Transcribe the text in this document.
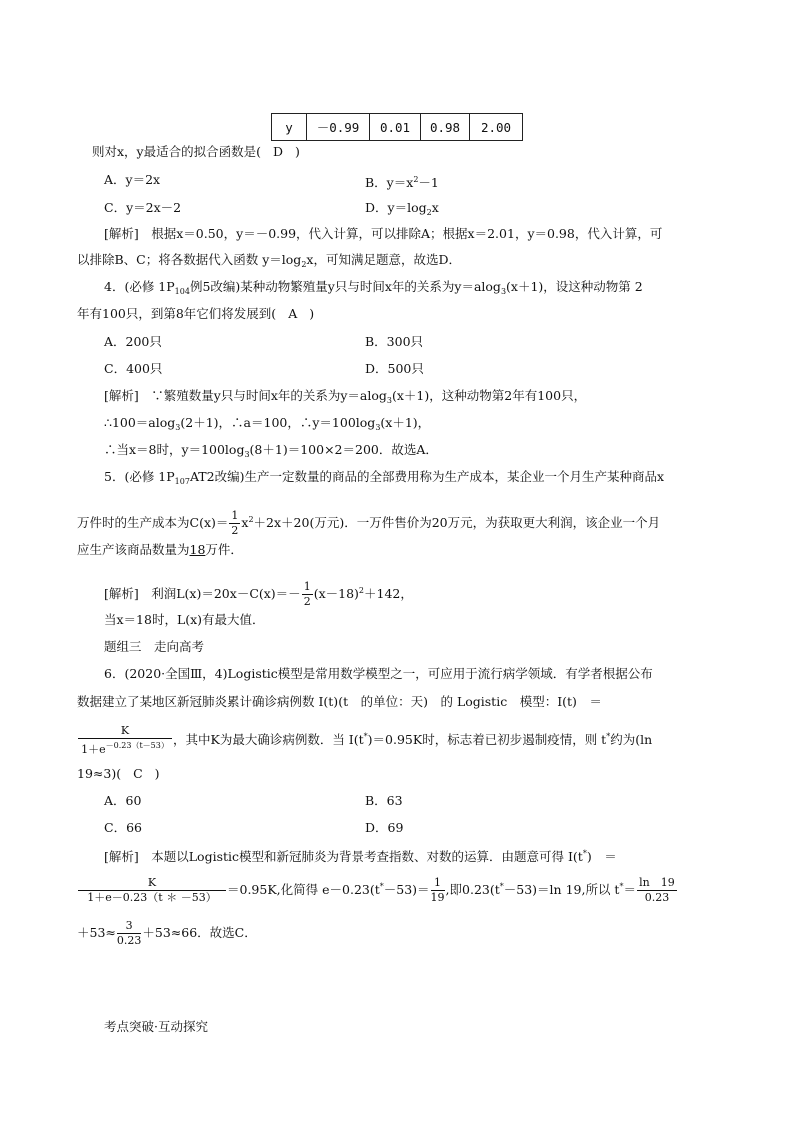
y	－0.99	0.01	0.98	2.00
则对x，y最适合的拟合函数是( D )
A．y＝2x	B．$y=x^2-1$
C．y＝2x－2	D．$y=\log_2x$
[解析]　根据x＝0.50，y＝－0.99，代入计算，可以排除A；根据x＝2.01，y＝0.98，代入计算，可
以排除B、C；将各数据代入函数 $y=\log_2x$，可知满足题意，故选D．
4．(必修 $1P_{104}$例5改编)某种动物繁殖量y只与时间x年的关系为y＝alog$_3$(x＋1)，设这种动物第 2
年有100只，到第8年它们将发展到( A )
A．200只	B．300只
C．400只	D．500只
[解析]　∵繁殖数量y只与时间x年的关系为y＝alog$_3$(x＋1)，这种动物第2年有100只，
∴100＝alog$_3$(2＋1)，∴a＝100，$\therefore y=100\log_3(x+1)$，
∴当x＝8时，$y=100\log_3(8+1)=100\times 2=200$．故选A．
5．(必修 $1P_{107}AT2$改编)生产一定数量的商品的全部费用称为生产成本，某企业一个月生产某种商品x
万件时的生产成本为$C(x)= \frac{1}{2} x^2+2x+20$(万元)．一万件售价为20万元，为获取更大利润，该企业一个月
应生产该商品数量为18万件．
[解析]　利润$L(x)=20x-C(x)=- \frac{1}{2} (x-18)^2+142$，
当x＝18时，L(x)有最大值．
题组三　走向高考
6．(2020·全国Ⅲ，4)Logistic模型是常用数学模型之一，可应用于流行病学领域．有学者根据公布
数据建立了某地区新冠肺炎累计确诊病例数 I(t)(t　的单位：天)　的 Logistic　模型：I(t)　＝
$\frac{K}{1+e^{-0.23(t-53)}}$ ，其中K为最大确诊病例数．当 I(t*)＝0.95K时，标志着已初步遏制疫情，则 t*约为(ln
19≈3)( C )
A．60	B．63
C．66	D．69
[解析]　本题以Logistic模型和新冠肺炎为背景考查指数、对数的运算．由题意可得 I(t*)　＝
$\frac{K}{1+e-0.23(t * -53)} =0.95K$,化简得 $e-0.23(t^*-53)= \frac{1}{19}$ ,即0.23(t*－53)＝ln 19,所以 $t^*= \frac{\ln 19}{0.23}$
$+53\approx \frac{3}{0.23} +53\approx 66$．故选C．
考点突破·互动探究
